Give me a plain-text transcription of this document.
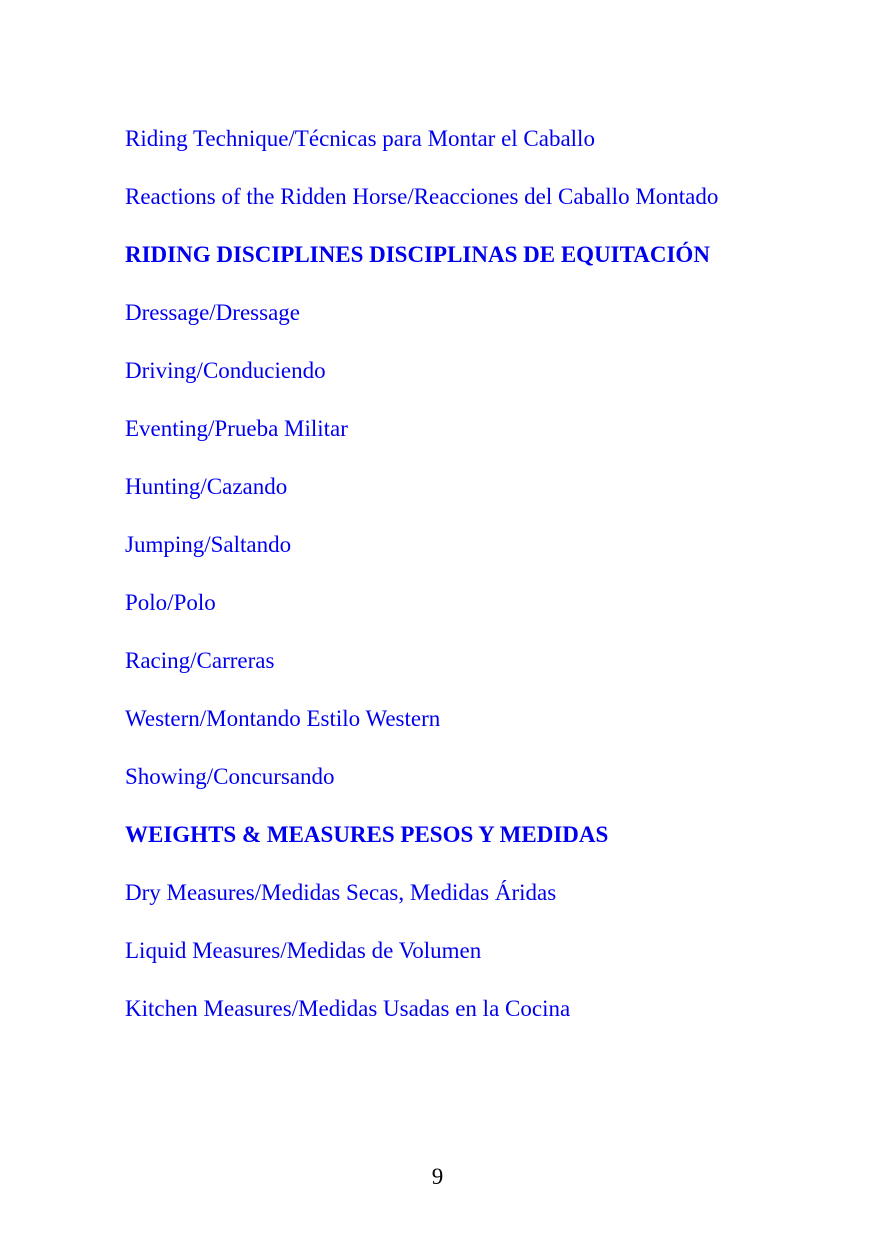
Riding Technique/Técnicas para Montar el Caballo
Reactions of the Ridden Horse/Reacciones del Caballo Montado
RIDING DISCIPLINES DISCIPLINAS DE EQUITACIÓN
Dressage/Dressage
Driving/Conduciendo
Eventing/Prueba Militar
Hunting/Cazando
Jumping/Saltando
Polo/Polo
Racing/Carreras
Western/Montando Estilo Western
Showing/Concursando
WEIGHTS & MEASURES PESOS Y MEDIDAS
Dry Measures/Medidas Secas, Medidas Áridas
Liquid Measures/Medidas de Volumen
Kitchen Measures/Medidas Usadas en la Cocina
9
